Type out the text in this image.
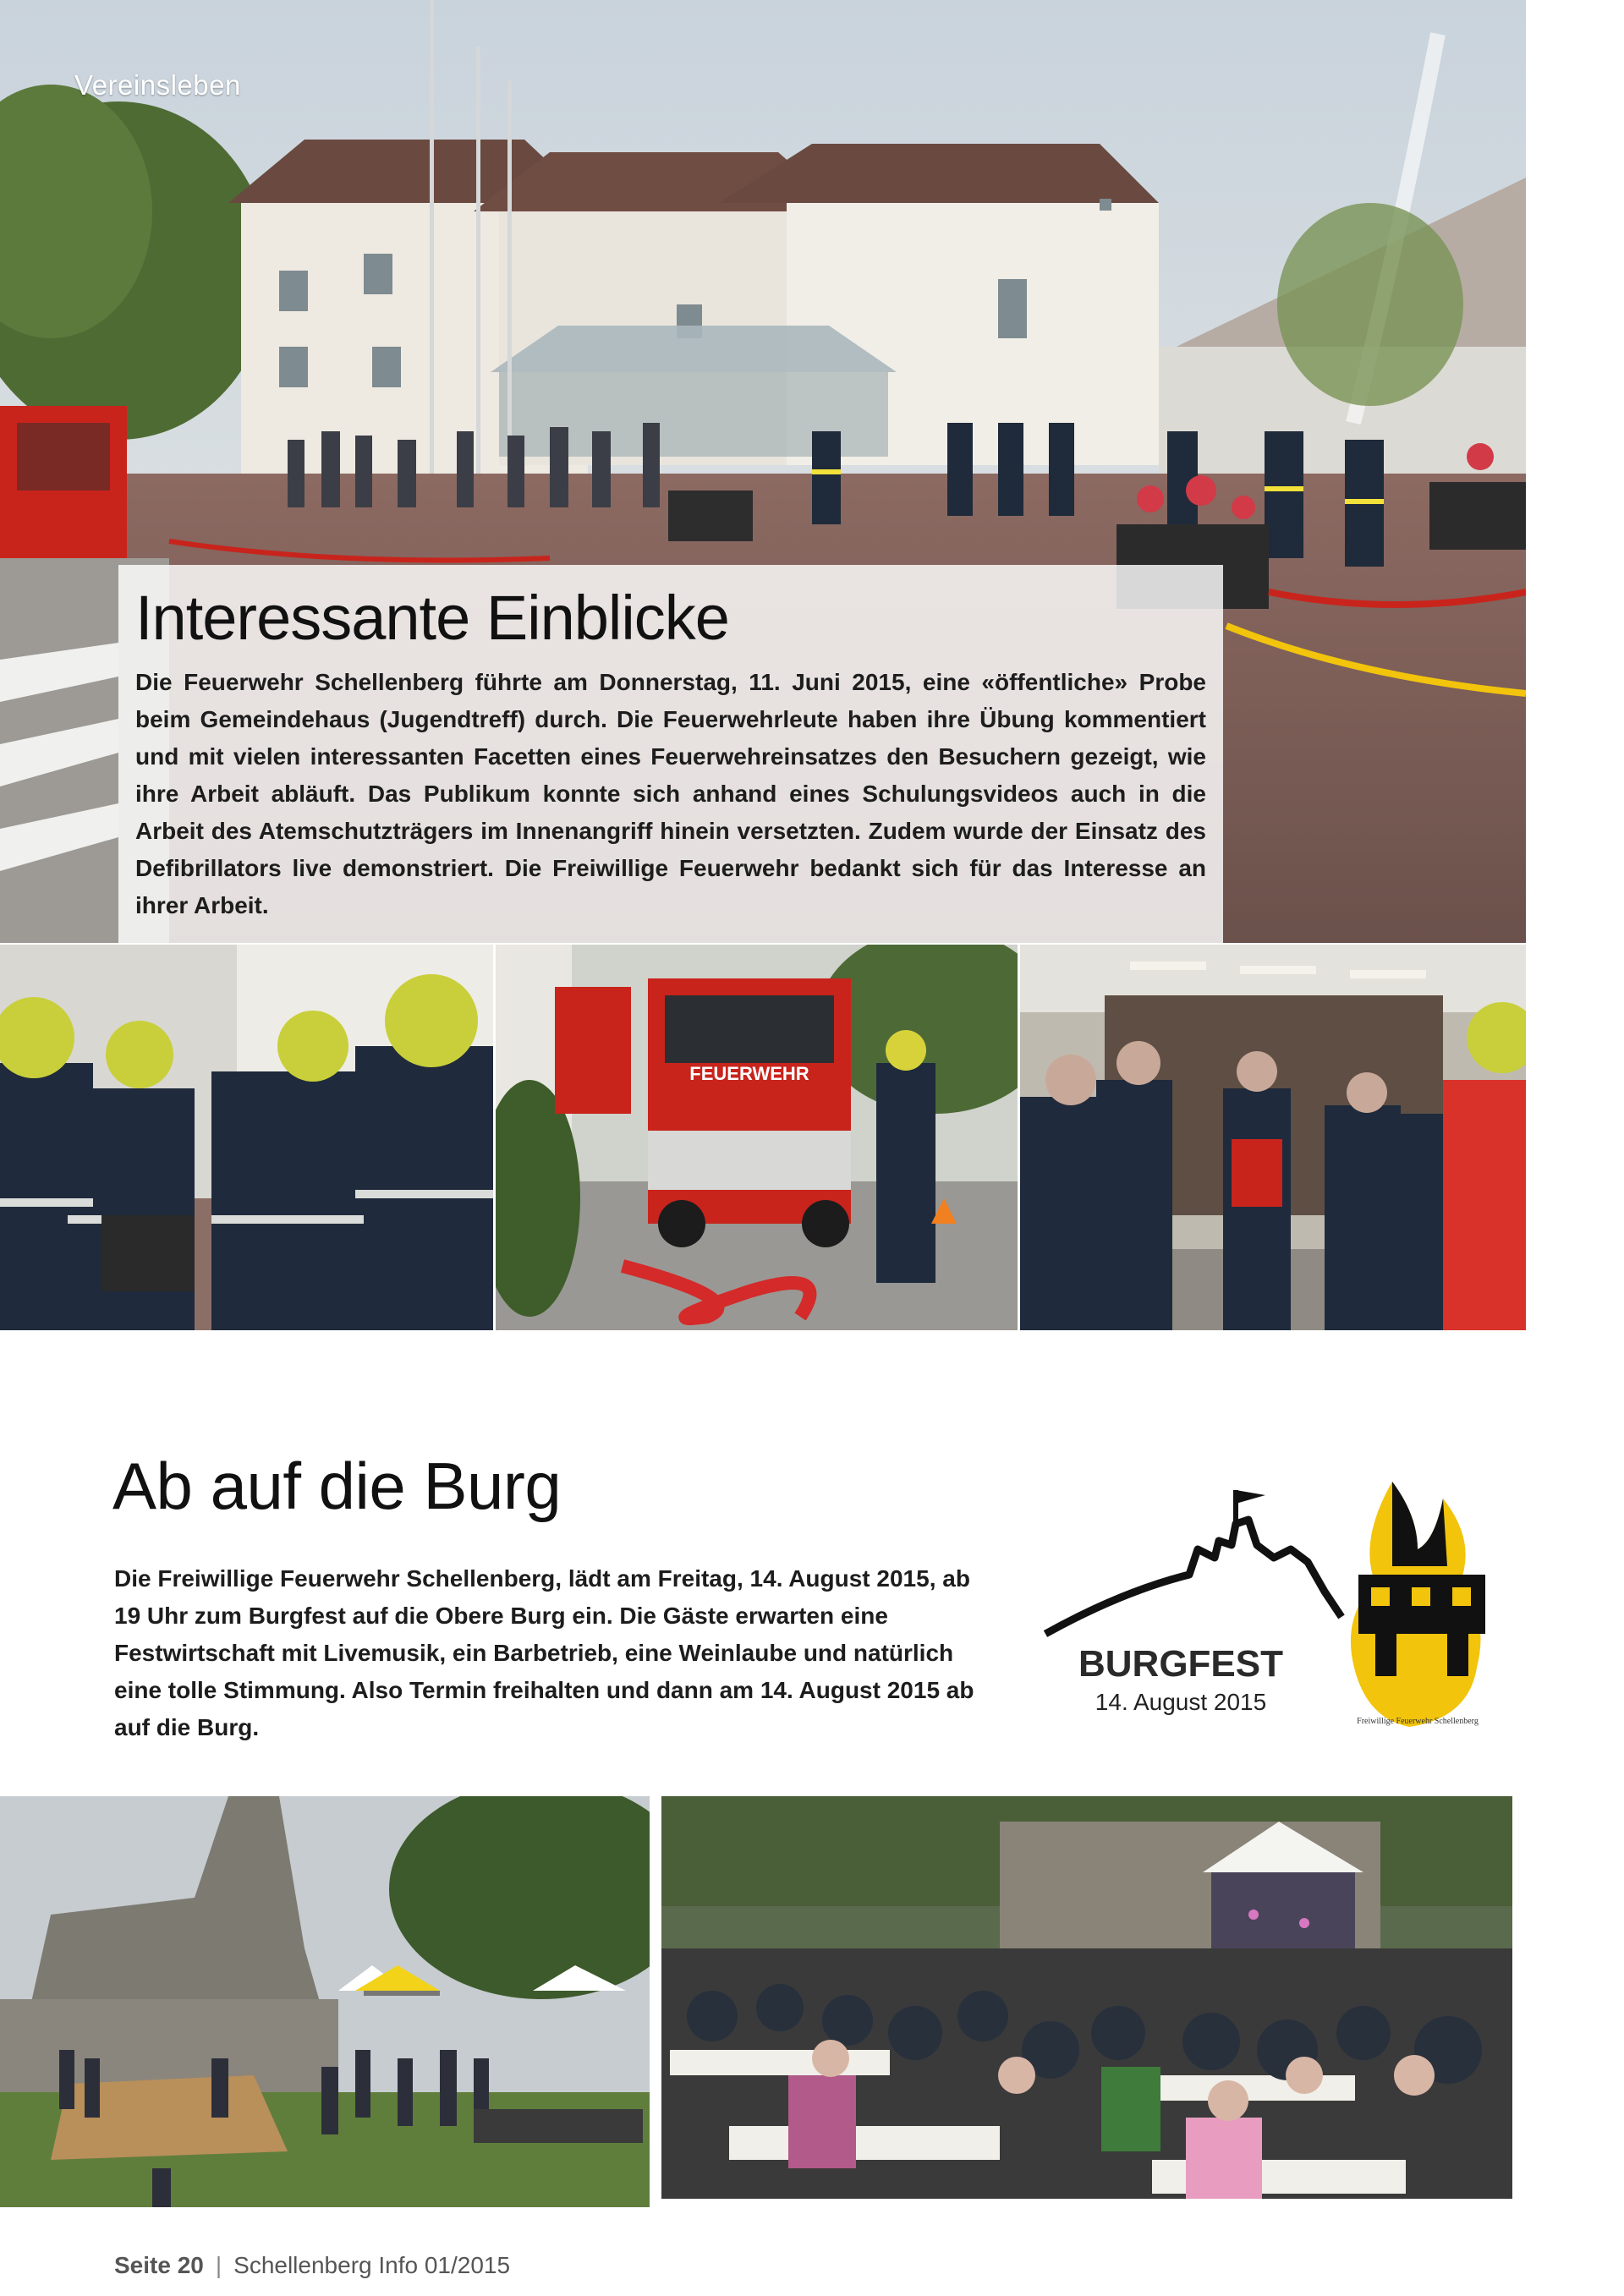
Vereinsleben
Interessante Einblicke

Die Feuerwehr Schellenberg führte am Donnerstag, 11. Juni 2015, eine «öffentliche» Probe beim Gemeindehaus (Jugendtreff) durch. Die Feuerwehrleute haben ihre Übung kommentiert und mit vielen interessanten Facetten eines Feuerwehreinsatzes den Besuchern gezeigt, wie ihre Arbeit abläuft. Das Publikum konnte sich anhand eines Schulungsvideos auch in die Arbeit des Atemschutzträgers im Innenangriff hinein versetzten. Zudem wurde der Einsatz des Defibrillators live demonstriert. Die Freiwillige Feuerwehr bedankt sich für das Interesse an ihrer Arbeit.

FEUERWEHR
Ab auf die Burg

Die Freiwillige Feuerwehr Schellenberg, lädt am Freitag, 14. August 2015, ab 19 Uhr zum Burgfest auf die Obere Burg ein. Die Gäste erwarten eine Festwirtschaft mit Livemusik, ein Barbetrieb, eine Weinlaube und natürlich eine tolle Stimmung. Also Termin freihalten und dann am 14. August 2015 ab auf die Burg.

BURGFEST
14. August 2015
Freiwillige Feuerwehr Schellenberg
Seite 20 | Schellenberg Info 01/2015
